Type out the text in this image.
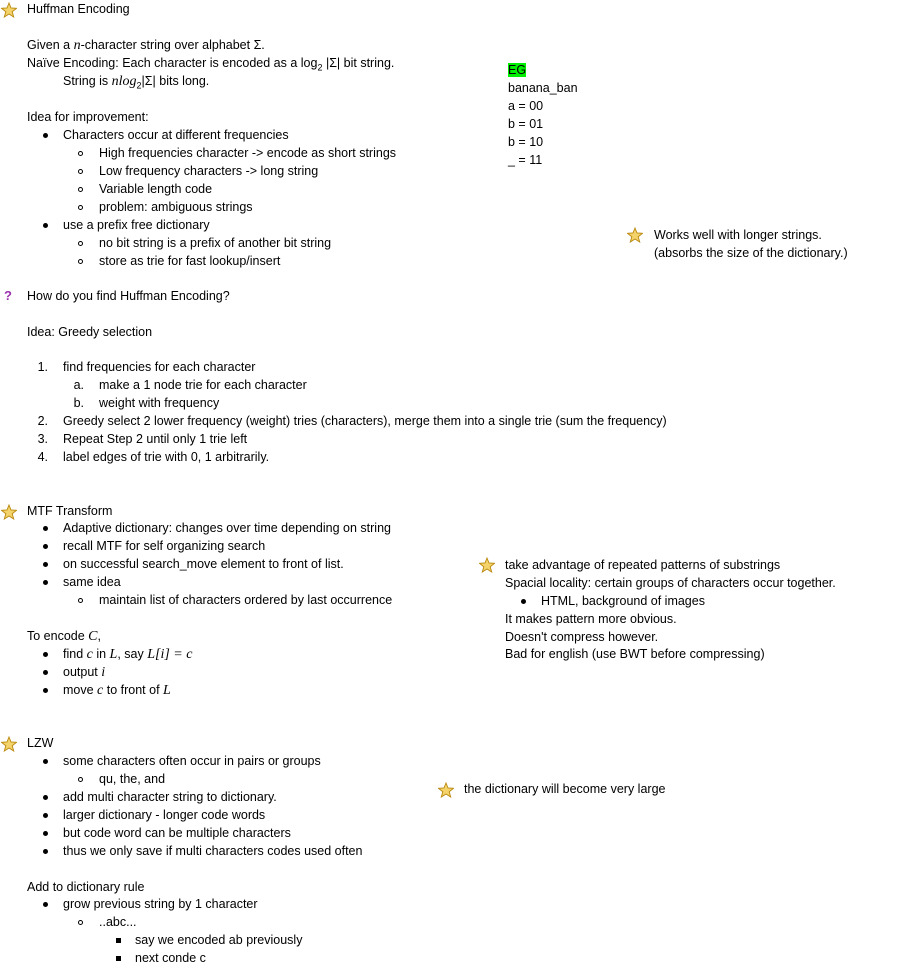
Huffman Encoding
Given a n-character string over alphabet Σ.
Naïve Encoding: Each character is encoded as a $\log_2 |\Sigma|$ bit string.
String is nlog$_2$|Σ| bits long.
Idea for improvement:
Characters occur at different frequencies
High frequencies character -> encode as short strings
Low frequency characters -> long string
Variable length code
problem: ambiguous strings
use a prefix free dictionary
no bit string is a prefix of another bit string
store as trie for fast lookup/insert
EG
banana_ban
a = 00
b = 01
b = 10
_ = 11
Works well with longer strings.
(absorbs the size of the dictionary.)
? How do you find Huffman Encoding?
Idea: Greedy selection
1. find frequencies for each character
a. make a 1 node trie for each character
b. weight with frequency
2. Greedy select 2 lower frequency (weight) tries (characters), merge them into a single trie (sum the frequency)
3. Repeat Step 2 until only 1 trie left
4. label edges of trie with 0, 1 arbitrarily.
MTF Transform
Adaptive dictionary: changes over time depending on string
recall MTF for self organizing search
on successful search_move element to front of list.
same idea
maintain list of characters ordered by last occurrence
To encode C,
find c in L, say L[i] = c
output i
move c to front of L
take advantage of repeated patterns of substrings
Spacial locality: certain groups of characters occur together.
HTML, background of images
It makes pattern more obvious.
Doesn't compress however.
Bad for english (use BWT before compressing)
LZW
some characters often occur in pairs or groups
qu, the, and
add multi character string to dictionary.
larger dictionary - longer code words
but code word can be multiple characters
thus we only save if multi characters codes used often
the dictionary will become very large
Add to dictionary rule
grow previous string by 1 character
..abc...
say we encoded ab previously
next conde c
